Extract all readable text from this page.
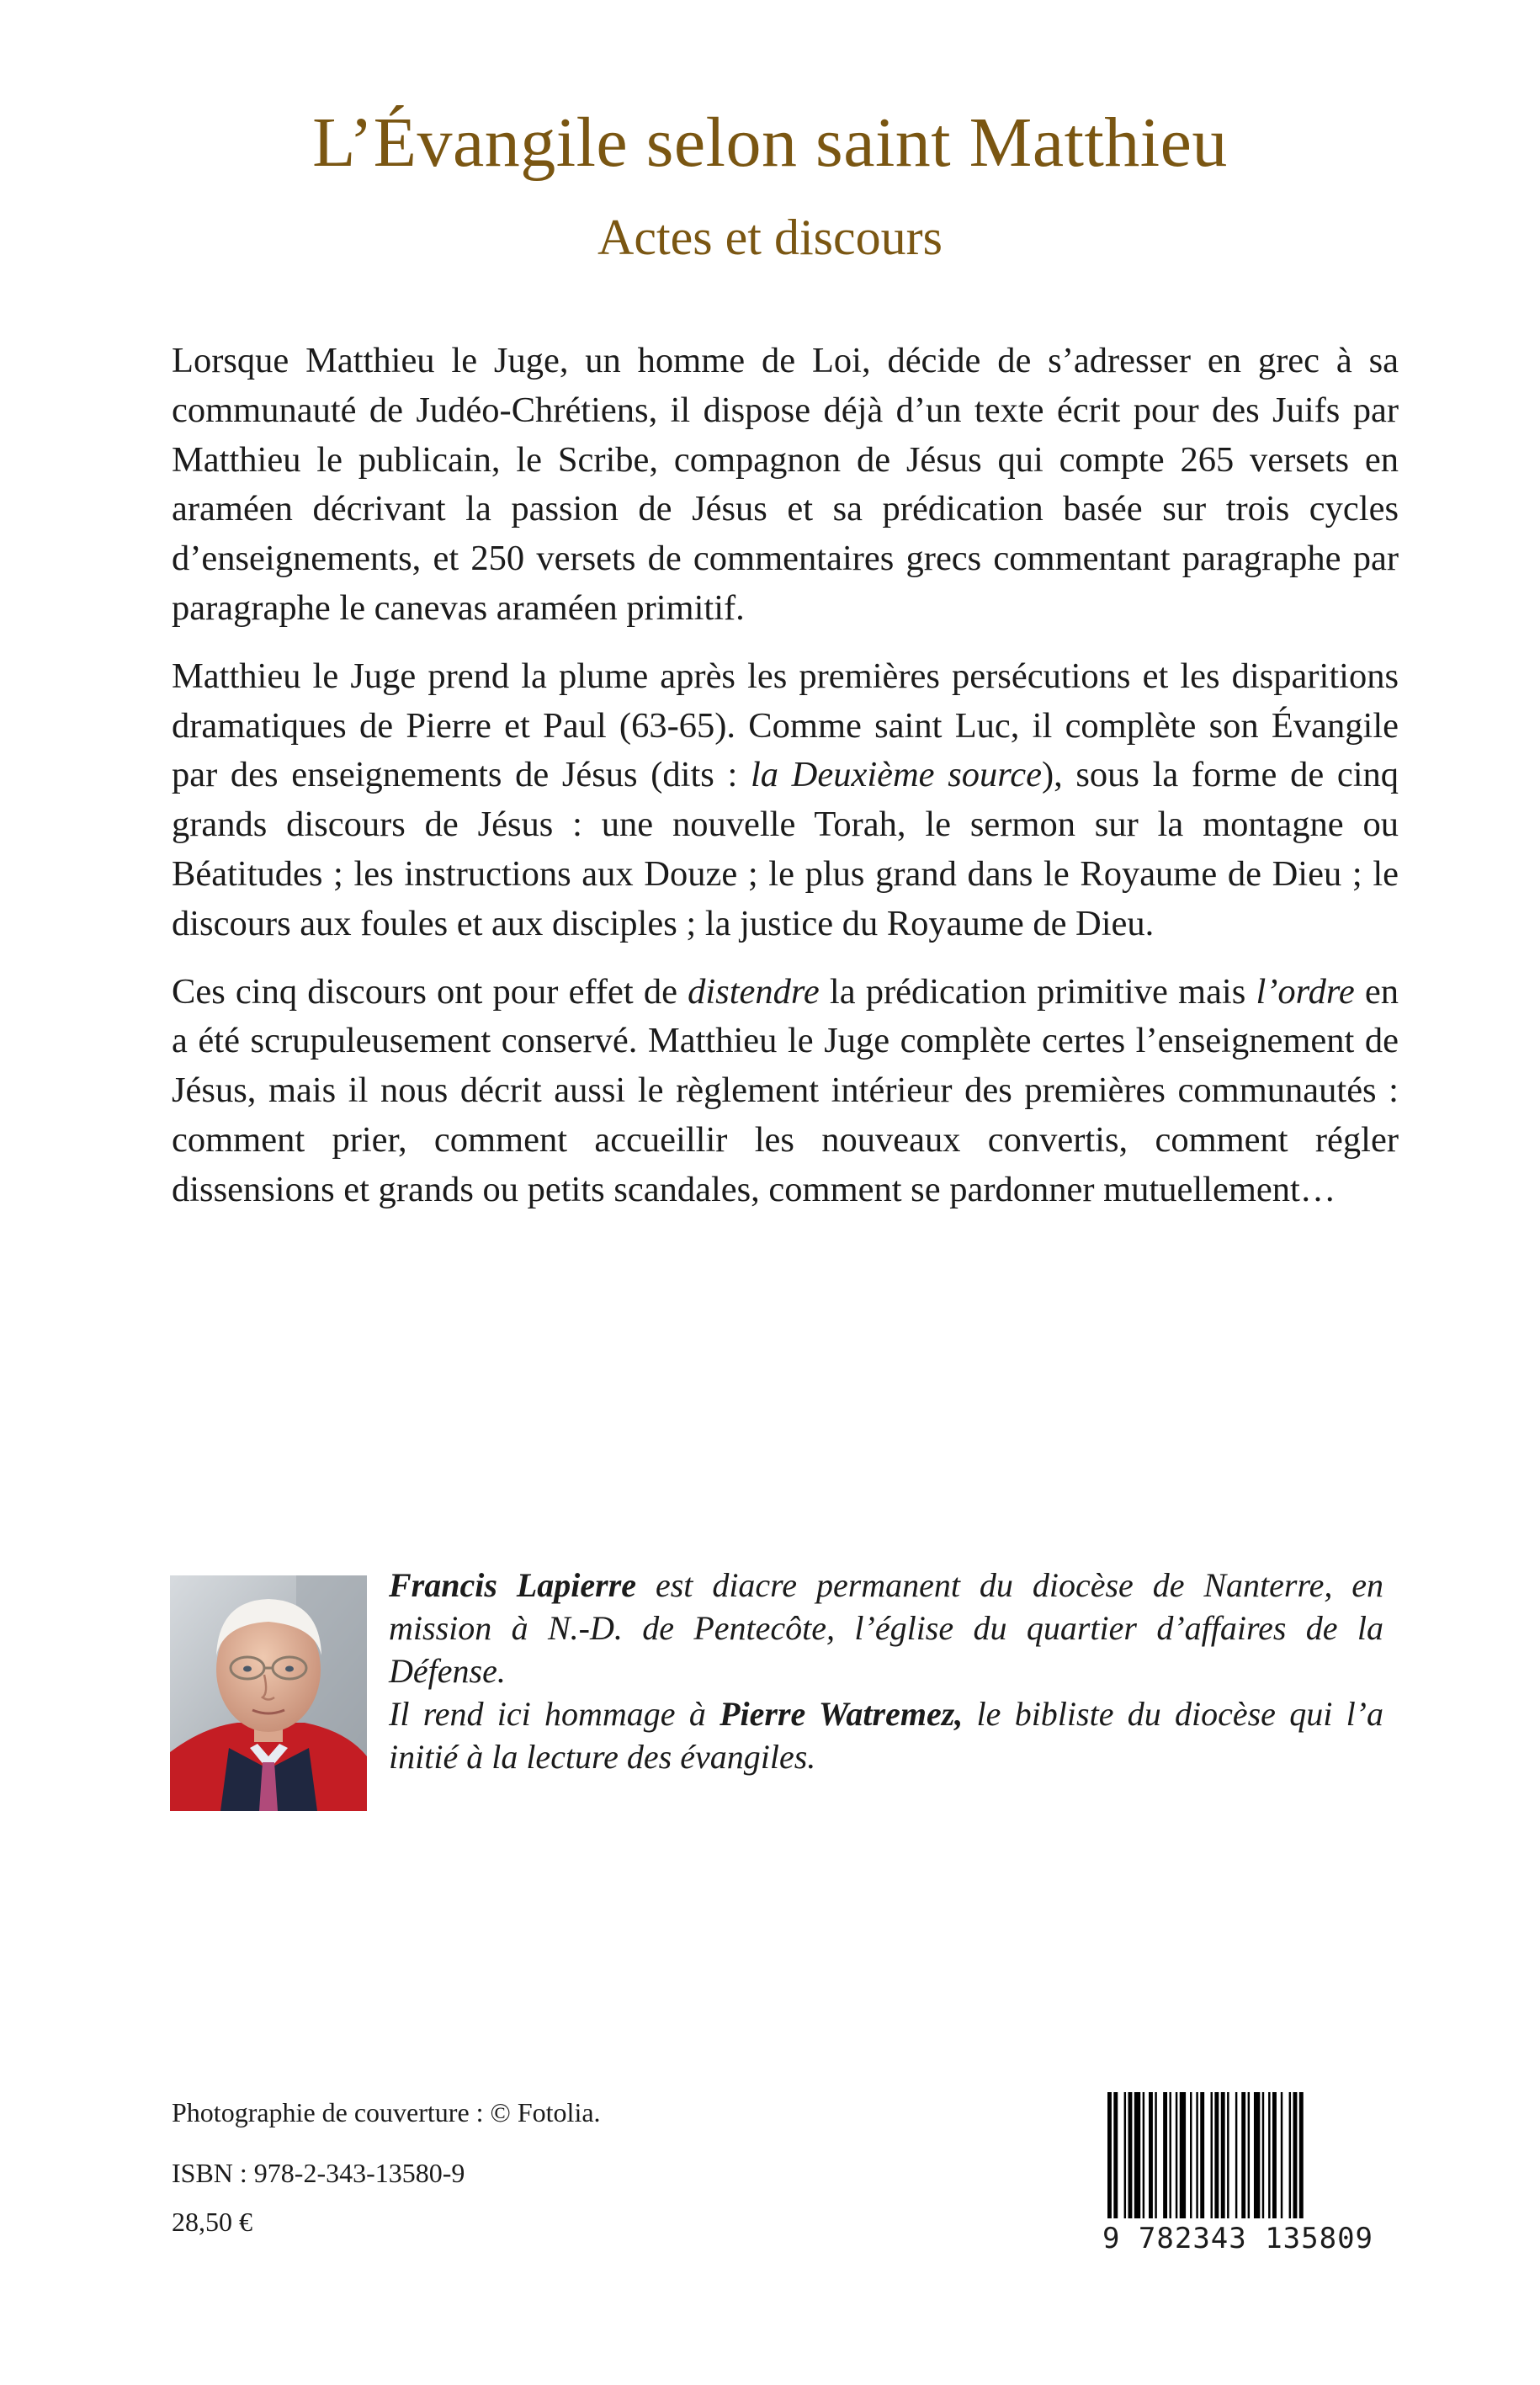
L’Évangile selon saint Matthieu
Actes et discours

Lorsque Matthieu le Juge, un homme de Loi, décide de s’adresser en grec à sa communauté de Judéo-Chrétiens, il dispose déjà d’un texte écrit pour des Juifs par Matthieu le publicain, le Scribe, compagnon de Jésus qui compte 265 versets en araméen décrivant la passion de Jésus et sa prédication basée sur trois cycles d’enseignements, et 250 versets de commentaires grecs commentant paragraphe par paragraphe le canevas araméen primitif.

Matthieu le Juge prend la plume après les premières persécutions et les disparitions dramatiques de Pierre et Paul (63-65). Comme saint Luc, il complète son Évangile par des enseignements de Jésus (dits : la Deuxième source), sous la forme de cinq grands discours de Jésus : une nouvelle Torah, le sermon sur la montagne ou Béatitudes ; les instructions aux Douze ; le plus grand dans le Royaume de Dieu ; le discours aux foules et aux disciples ; la justice du Royaume de Dieu.

Ces cinq discours ont pour effet de distendre la prédication primitive mais l’ordre en a été scrupuleusement conservé. Matthieu le Juge complète certes l’enseignement de Jésus, mais il nous décrit aussi le règlement intérieur des premières communautés : comment prier, comment accueillir les nouveaux convertis, comment régler dissensions et grands ou petits scandales, comment se pardonner mutuellement…

Francis Lapierre est diacre permanent du diocèse de Nanterre, en mission à N.-D. de Pentecôte, l’église du quartier d’affaires de la Défense.

Il rend ici hommage à Pierre Watremez, le bibliste du diocèse qui l’a initié à la lecture des évangiles.

Photographie de couverture : © Fotolia.
ISBN : 978-2-343-13580-9
28,50 €	9 782343 135809
